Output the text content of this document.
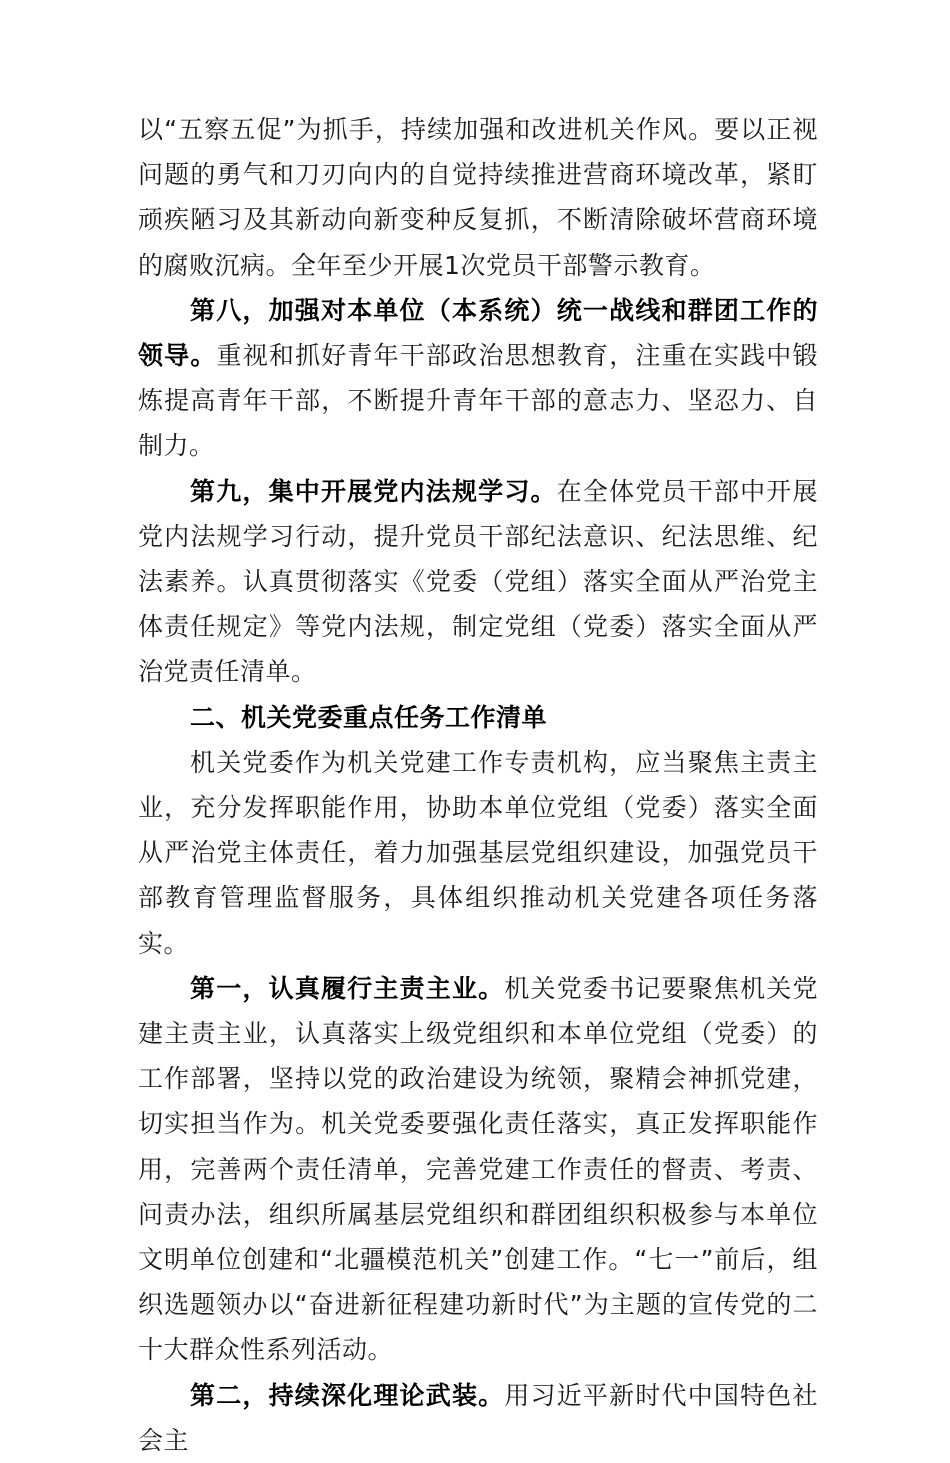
以“五察五促”为抓手，持续加强和改进机关作风。要以正视问题的勇气和刀刃向内的自觉持续推进营商环境改革，紧盯顽疾陋习及其新动向新变种反复抓，不断清除破坏营商环境的腐败沉病。全年至少开展1次党员干部警示教育。

第八，加强对本单位（本系统）统一战线和群团工作的领导。重视和抓好青年干部政治思想教育，注重在实践中锻炼提高青年干部，不断提升青年干部的意志力、坚忍力、自制力。

第九，集中开展党内法规学习。在全体党员干部中开展党内法规学习行动，提升党员干部纪法意识、纪法思维、纪法素养。认真贯彻落实《党委（党组）落实全面从严治党主体责任规定》等党内法规，制定党组（党委）落实全面从严治党责任清单。

二、机关党委重点任务工作清单

机关党委作为机关党建工作专责机构，应当聚焦主责主业，充分发挥职能作用，协助本单位党组（党委）落实全面从严治党主体责任，着力加强基层党组织建设，加强党员干部教育管理监督服务，具体组织推动机关党建各项任务落实。

第一，认真履行主责主业。机关党委书记要聚焦机关党建主责主业，认真落实上级党组织和本单位党组（党委）的工作部署，坚持以党的政治建设为统领，聚精会神抓党建，切实担当作为。机关党委要强化责任落实，真正发挥职能作用，完善两个责任清单，完善党建工作责任的督责、考责、问责办法，组织所属基层党组织和群团组织积极参与本单位文明单位创建和“北疆模范机关”创建工作。“七一”前后，组织选题领办以“奋进新征程建功新时代”为主题的宣传党的二十大群众性系列活动。

第二，持续深化理论武装。用习近平新时代中国特色社会主
